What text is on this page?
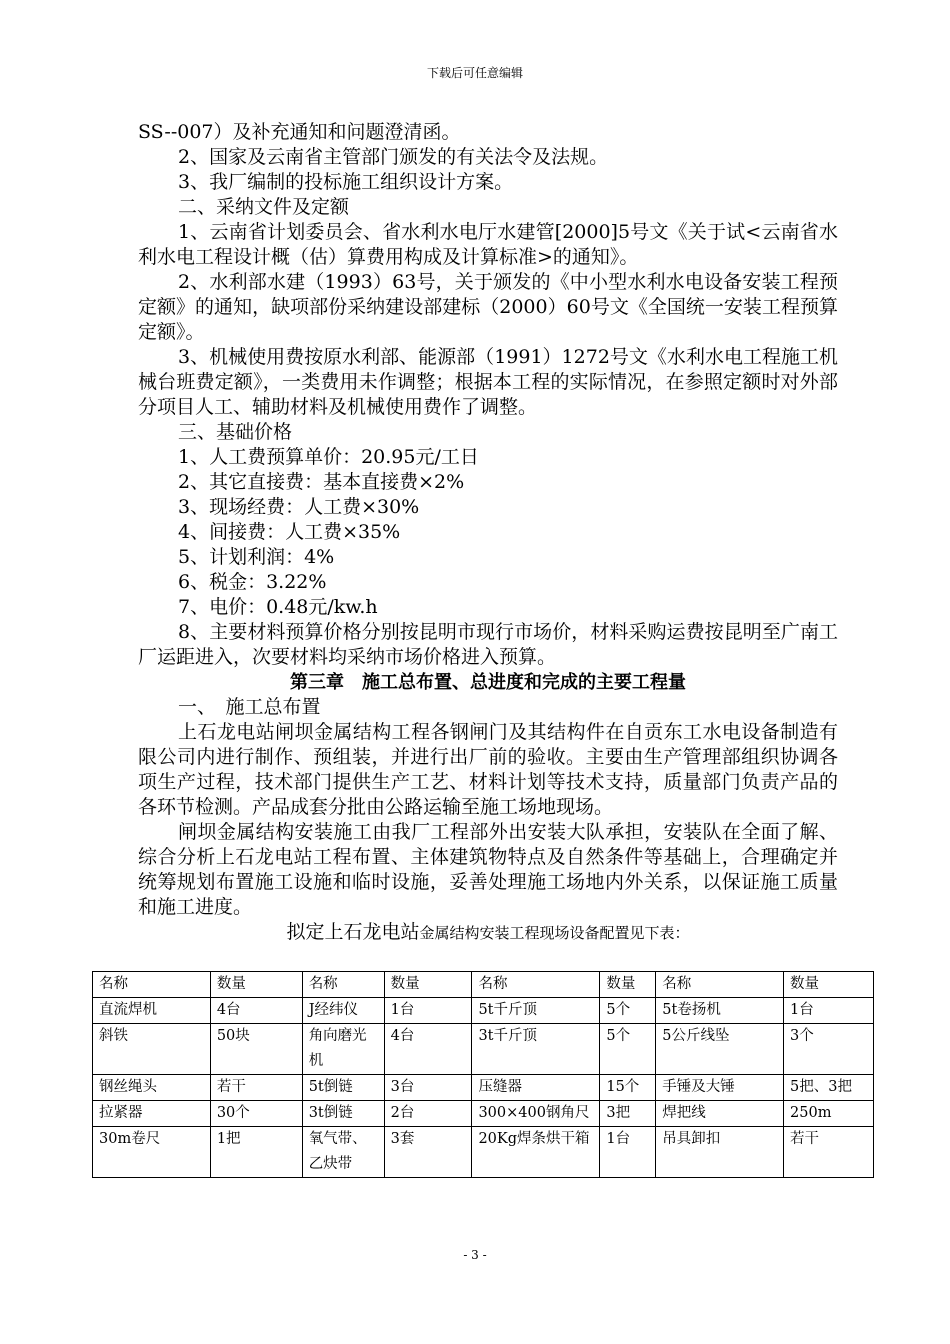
下载后可任意编辑

SS--007）及补充通知和问题澄清函。

2、国家及云南省主管部门颁发的有关法令及法规。

3、我厂编制的投标施工组织设计方案。

二、采纳文件及定额

1、云南省计划委员会、省水利水电厅水建管[2000]5号文《关于试<云南省水利水电工程设计概（估）算费用构成及计算标准>的通知》。

2、水利部水建（1993）63号，关于颁发的《中小型水利水电设备安装工程预定额》的通知，缺项部份采纳建设部建标（2000）60号文《全国统一安装工程预算定额》。

3、机械使用费按原水利部、能源部（1991）1272号文《水利水电工程施工机械台班费定额》，一类费用未作调整；根据本工程的实际情况，在参照定额时对外部分项目人工、辅助材料及机械使用费作了调整。

三、基础价格

1、人工费预算单价：20.95元/工日

2、其它直接费：基本直接费×2%

3、现场经费：人工费×30%

4、间接费：人工费×35%

5、计划利润：4%

6、税金：3.22%

7、电价：0.48元/kw.h

8、主要材料预算价格分别按昆明市现行市场价，材料采购运费按昆明至广南工厂运距进入，次要材料均采纳市场价格进入预算。

第三章　施工总布置、总进度和完成的主要工程量

一、　施工总布置

上石龙电站闸坝金属结构工程各钢闸门及其结构件在自贡东工水电设备制造有限公司内进行制作、预组装，并进行出厂前的验收。主要由生产管理部组织协调各项生产过程，技术部门提供生产工艺、材料计划等技术支持，质量部门负责产品的各环节检测。产品成套分批由公路运输至施工场地现场。

闸坝金属结构安装施工由我厂工程部外出安装大队承担，安装队在全面了解、综合分析上石龙电站工程布置、主体建筑物特点及自然条件等基础上，合理确定并统筹规划布置施工设施和临时设施，妥善处理施工场地内外关系，以保证施工质量和施工进度。

拟定上石龙电站金属结构安装工程现场设备配置见下表：

名称	数量	名称	数量	名称	数量	名称	数量
直流焊机	4台	J经纬仪	1台	5t千斤顶	5个	5t卷扬机	1台
斜铁	50块	角向磨光机	4台	3t千斤顶	5个	5公斤线坠	3个
钢丝绳头	若干	5t倒链	3台	压缝器	15个	手锤及大锤	5把、3把
拉紧器	30个	3t倒链	2台	300×400钢角尺	3把	焊把线	250m
30m卷尺	1把	氧气带、乙炔带	3套	20Kg焊条烘干箱	1台	吊具卸扣	若干
- 3 -
